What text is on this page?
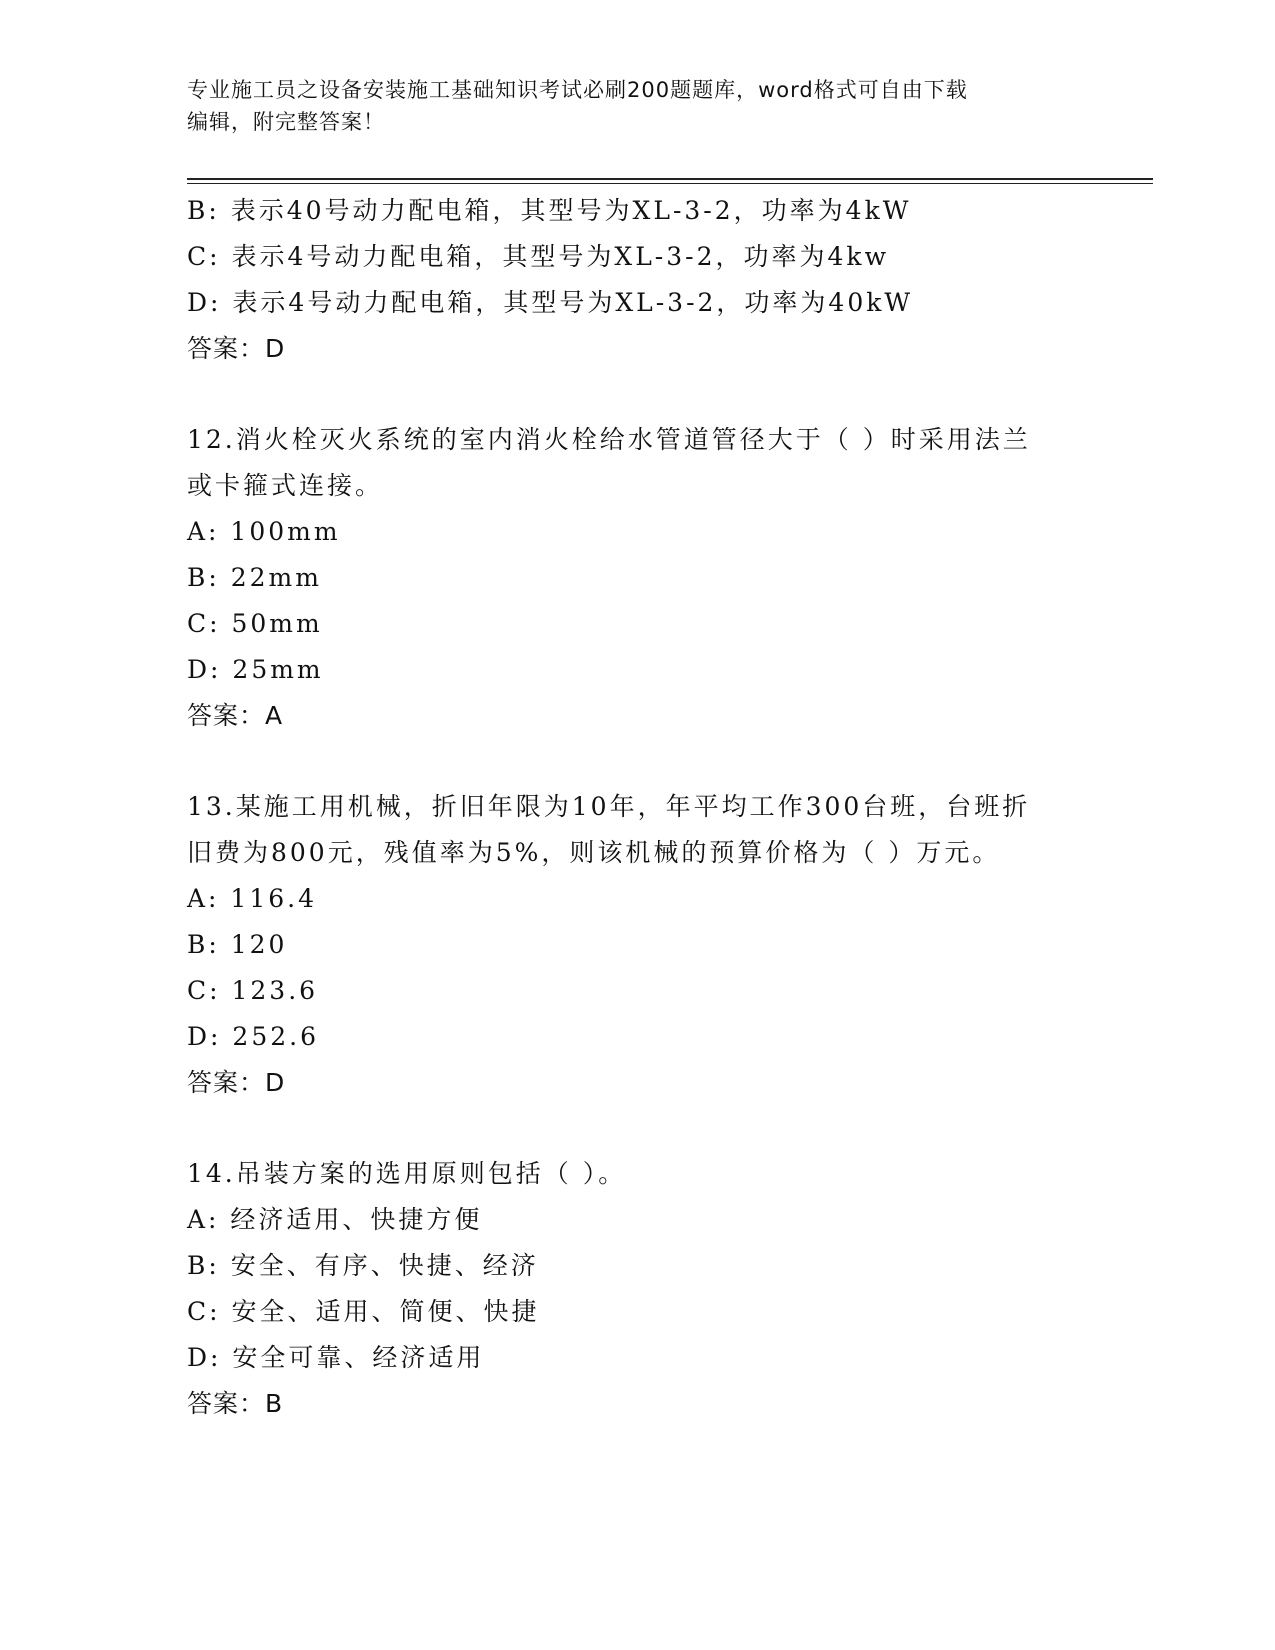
专业施工员之设备安装施工基础知识考试必刷200题题库，word格式可自由下载
编辑，附完整答案！
B: 表示40号动力配电箱，其型号为XL-3-2，功率为4kW
C: 表示4号动力配电箱，其型号为XL-3-2，功率为4kw
D: 表示4号动力配电箱，其型号为XL-3-2，功率为40kW
答案：D
12.消火栓灭火系统的室内消火栓给水管道管径大于（ ）时采用法兰
或卡箍式连接。
A: 100mm
B: 22mm
C: 50mm
D: 25mm
答案：A
13.某施工用机械，折旧年限为10年，年平均工作300台班，台班折
旧费为800元，残值率为5%，则该机械的预算价格为（ ）万元。
A: 116.4
B: 120
C: 123.6
D: 252.6
答案：D
14.吊装方案的选用原则包括（ ）。
A: 经济适用、快捷方便
B: 安全、有序、快捷、经济
C: 安全、适用、简便、快捷
D: 安全可靠、经济适用
答案：B
